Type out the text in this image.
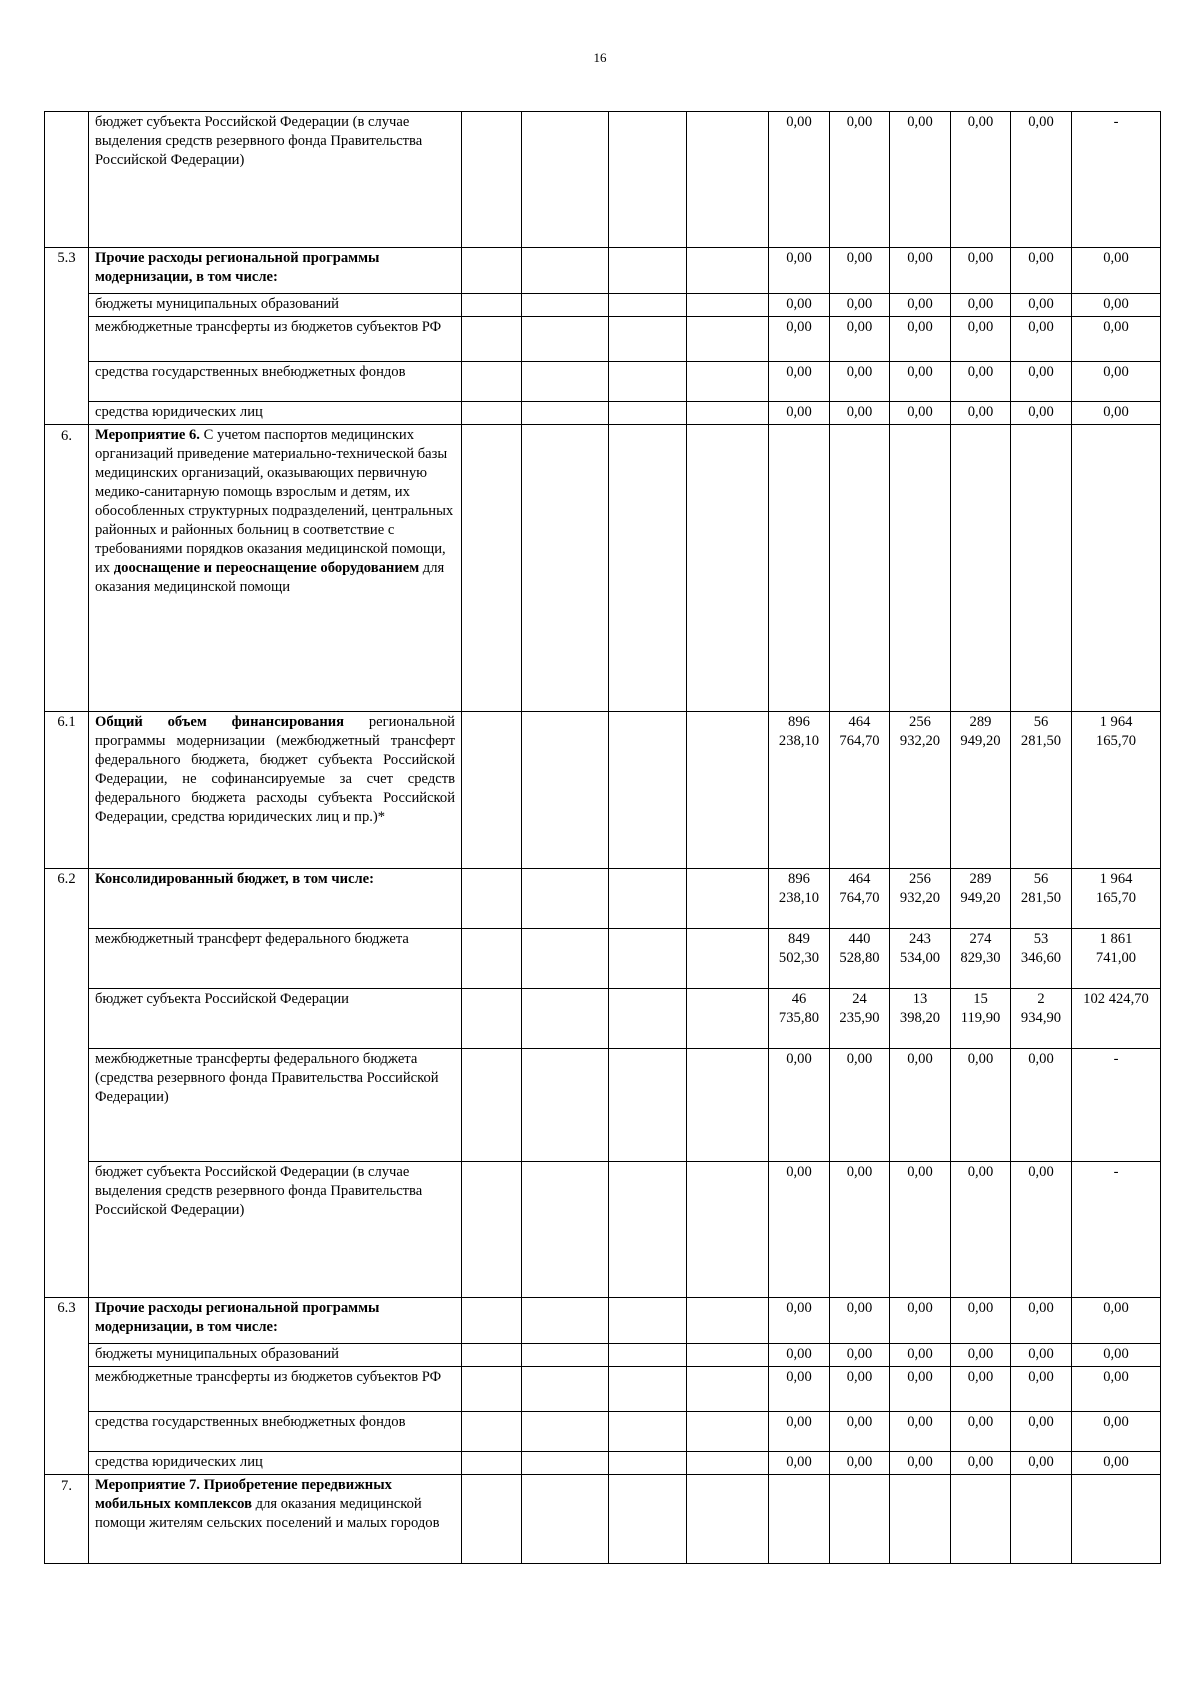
16
	бюджет субъекта Российской Федерации (в случае выделения средств резервного фонда Правительства Российской Федерации)					0,00	0,00	0,00	0,00	0,00	-
5.3	Прочие расходы региональной программы модернизации, в том числе:					0,00	0,00	0,00	0,00	0,00	0,00
	бюджеты муниципальных образований					0,00	0,00	0,00	0,00	0,00	0,00
	межбюджетные трансферты из бюджетов субъектов РФ					0,00	0,00	0,00	0,00	0,00	0,00
	средства государственных внебюджетных фондов					0,00	0,00	0,00	0,00	0,00	0,00
	средства юридических лиц					0,00	0,00	0,00	0,00	0,00	0,00
6.	Мероприятие 6. С учетом паспортов медицинских организаций приведение материально-технической базы медицинских организаций, оказывающих первичную медико-санитарную помощь взрослым и детям, их обособленных структурных подразделений, центральных районных и районных больниц в соответствие с требованиями порядков оказания медицинской помощи, их дооснащение и переоснащение оборудованием для оказания медицинской помощи										
6.1	Общий объем финансирования региональной программы модернизации (межбюджетный трансферт федерального бюджета, бюджет субъекта Российской Федерации, не софинансируемые за счет средств федерального бюджета расходы субъекта Российской Федерации, средства юридических лиц и пр.)*					896 238,10	464 764,70	256 932,20	289 949,20	56 281,50	1 964 165,70
6.2	Консолидированный бюджет, в том числе:					896 238,10	464 764,70	256 932,20	289 949,20	56 281,50	1 964 165,70
	межбюджетный трансферт федерального бюджета					849 502,30	440 528,80	243 534,00	274 829,30	53 346,60	1 861 741,00
	бюджет субъекта Российской Федерации					46 735,80	24 235,90	13 398,20	15 119,90	2 934,90	102 424,70
	межбюджетные трансферты федерального бюджета (средства резервного фонда Правительства Российской Федерации)					0,00	0,00	0,00	0,00	0,00	-
	бюджет субъекта Российской Федерации (в случае выделения средств резервного фонда Правительства Российской Федерации)					0,00	0,00	0,00	0,00	0,00	-
6.3	Прочие расходы региональной программы модернизации, в том числе:					0,00	0,00	0,00	0,00	0,00	0,00
	бюджеты муниципальных образований					0,00	0,00	0,00	0,00	0,00	0,00
	межбюджетные трансферты из бюджетов субъектов РФ					0,00	0,00	0,00	0,00	0,00	0,00
	средства государственных внебюджетных фондов					0,00	0,00	0,00	0,00	0,00	0,00
	средства юридических лиц					0,00	0,00	0,00	0,00	0,00	0,00
7.	Мероприятие 7. Приобретение передвижных мобильных комплексов для оказания медицинской помощи жителям сельских поселений и малых городов										
